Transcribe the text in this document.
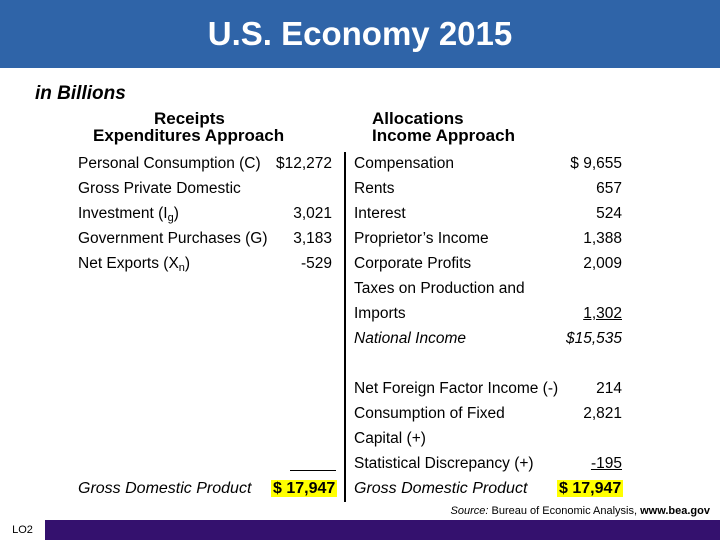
U.S. Economy 2015
in Billions
Receipts
Expenditures Approach
Allocations
Income Approach
Personal Consumption (C) $12,272
Gross Private Domestic
Investment $(I_g)$	3,021
Government Purchases (G)	3,183
Net Exports $(X_n)$	-529
Gross Domestic Product $ 17,947
Compensation	$ 9,655
Rents	657
Interest	524
Proprietor’s Income	1,388
Corporate Profits	2,009
Taxes on Production and
Imports	1,302
National Income	$15,535
Net Foreign Factor Income (-)	214
Consumption of Fixed	2,821
Capital (+)
Statistical Discrepancy (+)	-195
Gross Domestic Product $ 17,947
Source: Bureau of Economic Analysis, www.bea.gov
LO2
